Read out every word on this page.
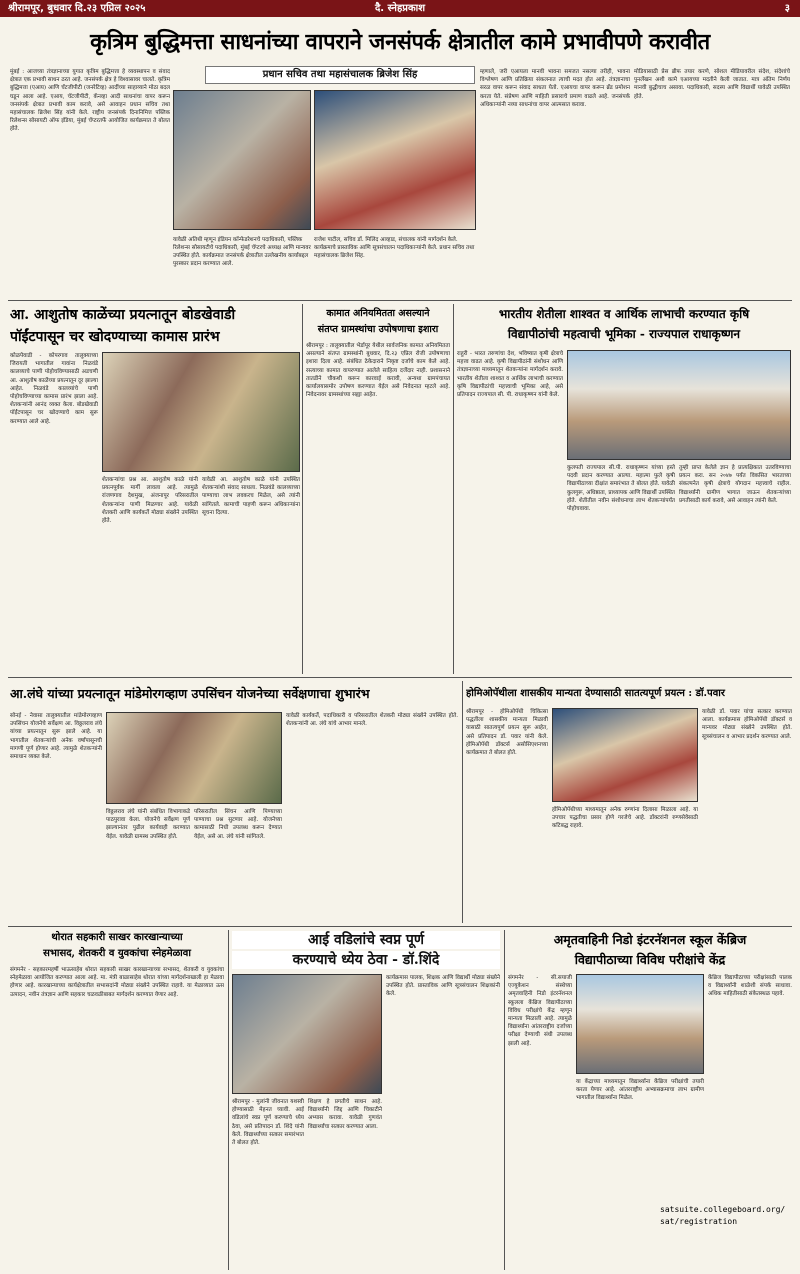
श्रीरामपूर, बुधवार दि.२३ एप्रिल २०२५	दै. स्नेहप्रकाश	३
कृत्रिम बुद्धिमत्ता साधनांच्या वापराने जनसंपर्क क्षेत्रातील कामे प्रभावीपणे करावीत
प्रधान सचिव तथा महासंचालक ब्रिजेश सिंह
मुंबई : आजच्या तंत्रज्ञानाच्या युगात कृत्रिम बुद्धिमत्ता हे व्यवस्थापन व संवाद क्षेत्रात एक प्रभावी साधन ठरत आहे. जनसंपर्क क्षेत्र हे विश्वासावर चालते. कृत्रिम बुद्धिमत्ता (एआय) आणि चॅटजीपीटी (जनरेटिव्ह) आदींच्या साहाय्याने मोठा बदल घडून आला आहे. एआय, चॅटजीपीटी, कॅनव्हा आदी साधनांचा वापर करून जनसंपर्क क्षेत्रात प्रभावी काम करावे, असे आवाहन प्रधान सचिव तथा महासंचालक ब्रिजेश सिंह यांनी केले. राष्ट्रीय जनसंपर्क दिनानिमित्त पब्लिक रिलेशन्स सोसायटी ऑफ इंडिया, मुंबई चॅप्टरतर्फे आयोजित कार्यक्रमात ते बोलत होते.
यावेळी अतिथी म्हणून इंडियन कॉन्फेडरेशनचे पदाधिकारी, पब्लिक रिलेशन्स सोसायटीचे पदाधिकारी, मुंबई चॅप्टरचे अध्यक्ष आणि मान्यवर उपस्थित होते. कार्यक्रमात जनसंपर्क क्षेत्रातील उल्लेखनीय कार्याबद्दल पुरस्कार प्रदान करण्यात आले.
राजेश पाटील, सचिव डॉ. मिलिंद आव्हाड, संचालक यांनी मार्गदर्शन केले. कार्यक्रमाचे प्रास्ताविक आणि सूत्रसंचालन पदाधिकाऱ्यांनी केले. प्रधान सचिव तथा महासंचालक ब्रिजेश सिंह.
म्हणाले, जरी एआयला मानवी भावना समजत नसल्या तरीही, भावना विश्लेषण आणि प्रतिक्रिया संकलनात त्याची मदत होत आहे. तंत्रज्ञानाचा सरळ वापर करून संवाद साधता येतो. एआयचा वापर करून ब्रॅंड प्रमोशन करता येते. संप्रेषण आणि माहिती प्रसाराचे प्रमाण वाढले आहे. जनसंपर्क अधिकाऱ्यांनी नव्या साधनांचा वापर आत्मसात करावा.
मोडियासाठी प्रेस ब्रीफ तयार करणे, सोशल मीडियावरील संदेश, संदेशांचे पुनर्लेखन अशी कामे एआयच्या मदतीने केली जातात. मात्र अंतिम निर्णय मानवी बुद्धीचाच असावा. पदाधिकारी, सदस्य आणि विद्यार्थी यावेळी उपस्थित होते.
आ. आशुतोष काळेंच्या प्रयत्नातून बोडखेवाडी
पॉईंटपासून चर खोदण्याच्या कामास प्रारंभ
कोळपेवाडी - कोपरगाव तालुक्याच्या जिरायती भागातील गावांना निळवंडे कालव्याचे पाणी पोहोचविण्यासाठी अडचणी आ. आशुतोष काळेंच्या प्रयत्नातून दूर झाल्या आहेत. निळवंडे कालव्यांचे पाणी पोहोचविण्याच्या कामास प्रारंभ झाला आहे. शेतकऱ्यांनी आनंद व्यक्त केला. बोडखेवाडी पॉईंटपासून चर खोदण्याचे काम सुरू करण्यात आले आहे.
शेतकऱ्यांचा प्रश्न आ. आशुतोष काळे यांनी प्रयत्नपूर्वक मार्गी लावला आहे. त्यामुळे रांजणगाव देशमुख, अंजनापूर परिसरातील शेतकऱ्यांना पाणी मिळणार आहे. यावेळी शेतकरी आणि कार्यकर्ते मोठ्या संख्येने उपस्थित होते.
यावेळी आ. आशुतोष काळे यांनी उपस्थित शेतकऱ्यांशी संवाद साधला. निळवंडे कालव्याच्या पाण्याचा लाभ लवकरच मिळेल, असे त्यांनी सांगितले. कामाची पाहणी करून अधिकाऱ्यांना सूचना दिल्या.
कामात अनियमितता असल्याने
संतप्त ग्रामस्थांचा उपोषणाचा इशारा
श्रीरामपूर : तालुक्यातील भेर्डापूर येथील सार्वजनिक कामात अनियमितता असल्याने संतप्त ग्रामस्थांनी बुधवार, दि.२३ एप्रिल रोजी उपोषणाचा इशारा दिला आहे. संबंधित ठेकेदाराने निकृष्ट दर्जाचे काम केले आहे. रस्त्याच्या कामात वापरण्यात आलेले साहित्य दर्जेदार नाही. प्रशासनाने तातडीने चौकशी करून कारवाई करावी, अन्यथा ग्रामपंचायत कार्यालयासमोर उपोषण करण्यात येईल असे निवेदनात म्हटले आहे. निवेदनावर ग्रामस्थांच्या सह्या आहेत.
भारतीय शेतीला शाश्वत व आर्थिक लाभाची करण्यात कृषि
विद्यापीठांची महत्वाची भूमिका - राज्यपाल राधाकृष्णन
राहुरी - भारत तरुणांचा देश, भविष्यात कृषी क्षेत्राचे महत्त्व वाढत आहे. कृषी विद्यापीठांनी संशोधन आणि तंत्रज्ञानाच्या माध्यमातून शेतकऱ्यांना मार्गदर्शन करावे. भारतीय शेतीला शाश्वत व आर्थिक लाभाची करण्यात कृषि विद्यापीठांची महत्त्वाची भूमिका आहे, असे प्रतिपादन राज्यपाल सी. पी. राधाकृष्णन यांनी केले.
कुलपती राज्यपाल सी.पी. राधाकृष्णन यांच्या हस्ते पदवी प्रदान करण्यात आल्या. महात्मा फुले कृषी विद्यापीठाच्या दीक्षांत समारंभात ते बोलत होते. यावेळी कुलगुरू, अधिष्ठाता, प्राध्यापक आणि विद्यार्थी उपस्थित होते. शेतीतील नवीन संशोधनाचा लाभ शेतकऱ्यांपर्यंत पोहोचवावा.
तुम्ही प्राप्त केलेले ज्ञान हे प्रात्यक्षिकात उतरविण्याचा प्रयत्न करा. सन २०४७ पर्यंत विकसित भारताच्या संकल्पनेत कृषी क्षेत्राचे योगदान महत्त्वाचे राहील. विद्यार्थ्यांनी ग्रामीण भागात जाऊन शेतकऱ्यांच्या प्रगतीसाठी कार्य करावे, असे आवाहन त्यांनी केले.
आ.लंघे यांच्या प्रयत्नातून मांडेमोरगव्हाण उपसिंचन योजनेच्या सर्वेक्षणाचा शुभारंभ
सोनई - नेवासा तालुक्यातील मांडेमोरगव्हाण उपसिंचन योजनेचे सर्वेक्षण आ. विठ्ठलराव लंघे यांच्या प्रयत्नातून सुरू झाले आहे. या भागातील शेतकऱ्यांची अनेक वर्षांपासूनची मागणी पूर्ण होणार आहे. त्यामुळे शेतकऱ्यांनी समाधान व्यक्त केले.
विठ्ठलराव लंघे यांनी संबंधित विभागाकडे पाठपुरावा केला. योजनेचे सर्वेक्षण पूर्ण झाल्यानंतर पुढील कार्यवाही करण्यात येईल. यावेळी ग्रामस्थ उपस्थित होते.
परिसरातील सिंचन आणि पिण्याच्या पाण्याचा प्रश्न सुटणार आहे. योजनेच्या कामासाठी निधी उपलब्ध करून देण्यात येईल, असे आ. लंघे यांनी सांगितले.
यावेळी कार्यकर्ते, पदाधिकारी व परिसरातील शेतकरी मोठ्या संख्येने उपस्थित होते. शेतकऱ्यांनी आ. लंघे यांचे आभार मानले.
होमिओपॅथीला शासकीय मान्यता देण्यासाठी सातत्यपूर्ण प्रयत्न : डॉ.पवार
श्रीरामपूर - होमिओपॅथी चिकित्सा पद्धतीला शासकीय मान्यता मिळावी यासाठी सातत्यपूर्ण प्रयत्न सुरू आहेत, असे प्रतिपादन डॉ. पवार यांनी केले. होमिओपॅथी डॉक्टर्स असोसिएशनच्या कार्यक्रमात ते बोलत होते.
होमिओपॅथीच्या माध्यमातून अनेक रुग्णांना दिलासा मिळाला आहे. या उपचार पद्धतीचा प्रसार होणे गरजेचे आहे. डॉक्टरांनी रुग्णसेवेसाठी कटिबद्ध राहावे.
यावेळी डॉ. पवार यांचा सत्कार करण्यात आला. कार्यक्रमास होमिओपॅथी डॉक्टर्स व मान्यवर मोठ्या संख्येने उपस्थित होते. सूत्रसंचालन व आभार प्रदर्शन करण्यात आले.
थोरात सहकारी साखर कारखान्याच्या
सभासद, शेतकरी व युवकांचा स्नेहमेळावा
संगमनेर - सहकारमहर्षी भाऊसाहेब थोरात सहकारी साखर कारखान्याच्या सभासद, शेतकरी व युवकांचा स्नेहमेळावा आयोजित करण्यात आला आहे. मा. मंत्री बाळासाहेब थोरात यांच्या मार्गदर्शनाखाली हा मेळावा होणार आहे. कारखान्याच्या कार्यक्षेत्रातील सभासदांनी मोठ्या संख्येने उपस्थित राहावे. या मेळाव्यात ऊस उत्पादन, नवीन तंत्रज्ञान आणि सहकार चळवळीबाबत मार्गदर्शन करण्यात येणार आहे.
आई वडिलांचे स्वप्न पूर्ण
करण्याचे ध्येय ठेवा - डॉ.शिंदे
श्रीरामपूर - मुलांनी जीवनात यशस्वी होण्यासाठी मेहनत घ्यावी. आई वडिलांचे स्वप्न पूर्ण करण्याचे ध्येय ठेवा, असे प्रतिपादन डॉ. शिंदे यांनी केले. विद्यार्थ्यांच्या सत्कार समारंभात ते बोलत होते.
शिक्षण हे प्रगतीचे साधन आहे. विद्यार्थ्यांनी जिद्द आणि चिकाटीने अभ्यास करावा. यावेळी गुणवंत विद्यार्थ्यांचा सत्कार करण्यात आला.
कार्यक्रमास पालक, शिक्षक आणि विद्यार्थी मोठ्या संख्येने उपस्थित होते. प्रास्ताविक आणि सूत्रसंचालन शिक्षकांनी केले.
अमृतवाहिनी निडो इंटरनॅशनल स्कूल केंब्रिज
विद्यापीठाच्या विविध परीक्षांचे केंद्र
संगमनेर - सी.सयाजी एज्युकेशन संस्थेच्या अमृतवाहिनी निडो इंटरनॅशनल स्कूलला केंब्रिज विद्यापीठाच्या विविध परीक्षांचे केंद्र म्हणून मान्यता मिळाली आहे. त्यामुळे विद्यार्थ्यांना आंतरराष्ट्रीय दर्जाच्या परीक्षा देण्याची संधी उपलब्ध झाली आहे.
या केंद्राच्या माध्यमातून विद्यार्थ्यांना केंब्रिज परीक्षांची तयारी करता येणार आहे. आंतरराष्ट्रीय अभ्यासक्रमाचा लाभ ग्रामीण भागातील विद्यार्थ्यांना मिळेल.
केंब्रिज विद्यापीठाच्या परीक्षांसाठी पालक व विद्यार्थ्यांनी शाळेशी संपर्क साधावा. अधिक माहितीसाठी संकेतस्थळ पहावे.
satsuite.collegeboard.org/
sat/registration
